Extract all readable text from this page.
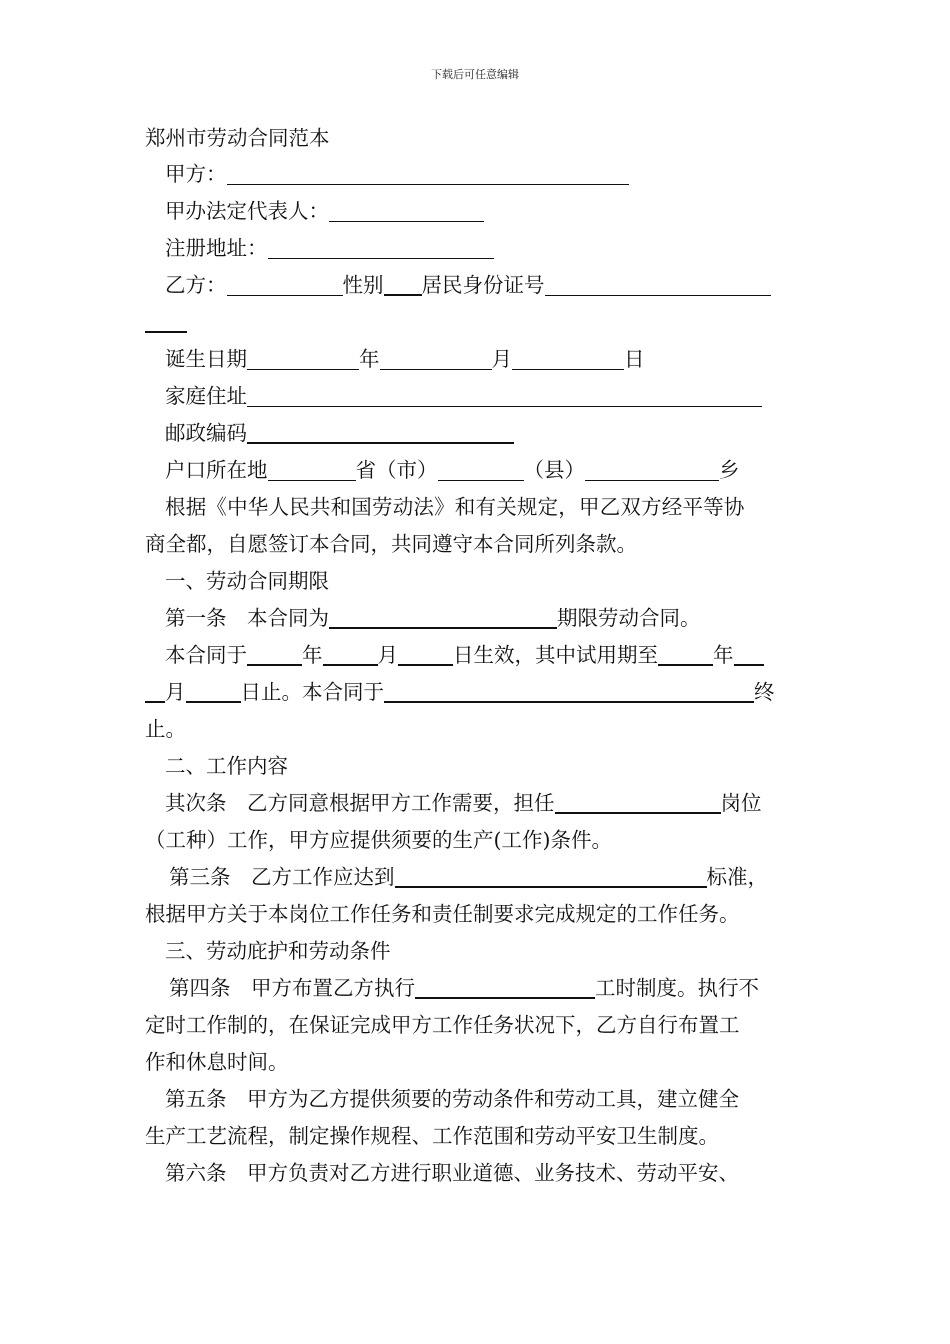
下载后可任意编辑
郑州市劳动合同范本
甲方：
甲办法定代表人：
注册地址：
乙方：	性别 居民身份证号
诞生日期	年	月	日
家庭住址
邮政编码
户口所在地	省（市）	（县）	乡
根据《中华人民共和国劳动法》和有关规定，甲乙双方经平等协
商全都，自愿签订本合同，共同遵守本合同所列条款。
一、劳动合同期限
第一条　本合同为	期限劳动合同。
本合同于	年	月	日生效，其中试用期至	年
月	日止。本合同于	终
止。
二、工作内容
其次条　乙方同意根据甲方工作需要，担任	岗位
（工种）工作，甲方应提供须要的生产(工作)条件。
第三条　乙方工作应达到	标准，
根据甲方关于本岗位工作任务和责任制要求完成规定的工作任务。
三、劳动庇护和劳动条件
第四条　甲方布置乙方执行	工时制度。执行不
定时工作制的，在保证完成甲方工作任务状况下，乙方自行布置工
作和休息时间。
第五条　甲方为乙方提供须要的劳动条件和劳动工具，建立健全
生产工艺流程，制定操作规程、工作范围和劳动平安卫生制度。
第六条　甲方负责对乙方进行职业道德、业务技术、劳动平安、
